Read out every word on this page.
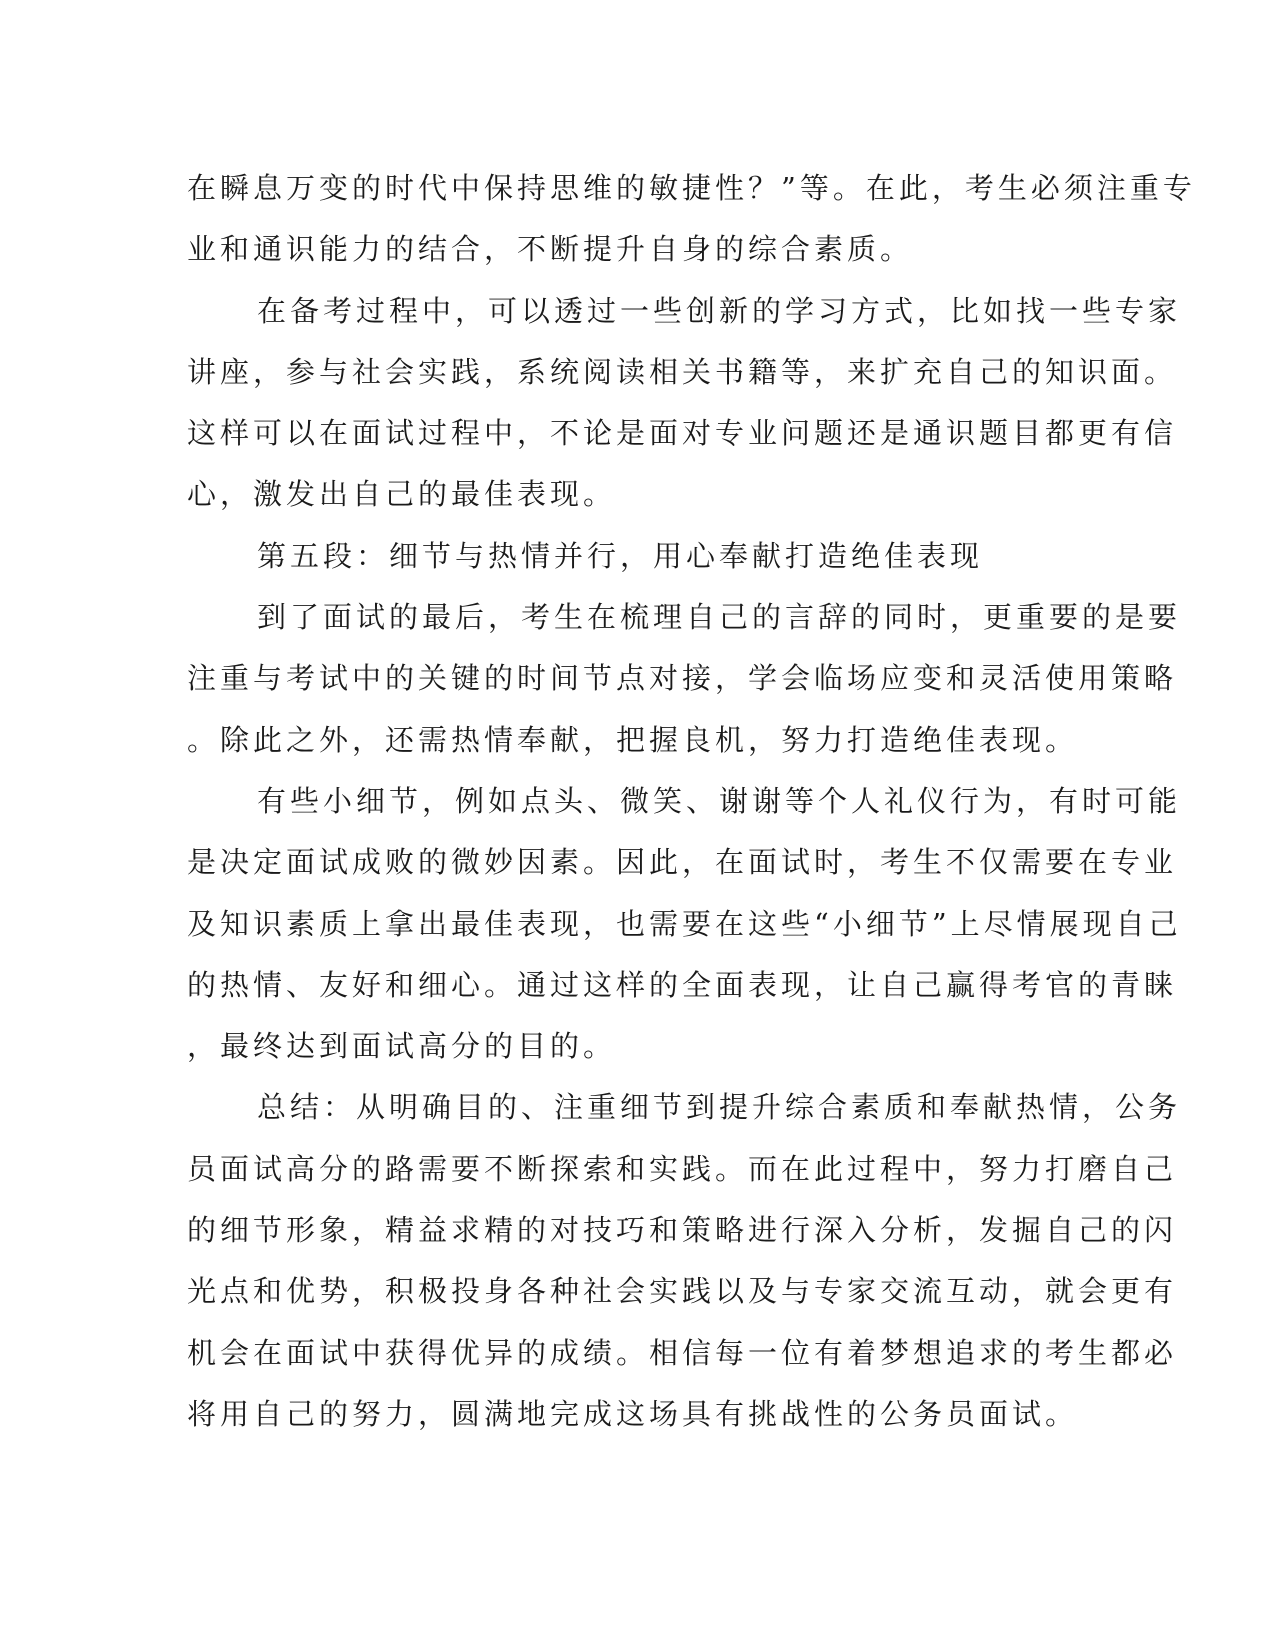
在瞬息万变的时代中保持思维的敏捷性？”等。在此，考生必须注重专
业和通识能力的结合，不断提升自身的综合素质。
在备考过程中，可以透过一些创新的学习方式，比如找一些专家
讲座，参与社会实践，系统阅读相关书籍等，来扩充自己的知识面。
这样可以在面试过程中，不论是面对专业问题还是通识题目都更有信
心，激发出自己的最佳表现。
第五段：细节与热情并行，用心奉献打造绝佳表现
到了面试的最后，考生在梳理自己的言辞的同时，更重要的是要
注重与考试中的关键的时间节点对接，学会临场应变和灵活使用策略
。除此之外，还需热情奉献，把握良机，努力打造绝佳表现。
有些小细节，例如点头、微笑、谢谢等个人礼仪行为，有时可能
是决定面试成败的微妙因素。因此，在面试时，考生不仅需要在专业
及知识素质上拿出最佳表现，也需要在这些“小细节”上尽情展现自己
的热情、友好和细心。通过这样的全面表现，让自己赢得考官的青睐
，最终达到面试高分的目的。
总结：从明确目的、注重细节到提升综合素质和奉献热情，公务
员面试高分的路需要不断探索和实践。而在此过程中，努力打磨自己
的细节形象，精益求精的对技巧和策略进行深入分析，发掘自己的闪
光点和优势，积极投身各种社会实践以及与专家交流互动，就会更有
机会在面试中获得优异的成绩。相信每一位有着梦想追求的考生都必
将用自己的努力，圆满地完成这场具有挑战性的公务员面试。
